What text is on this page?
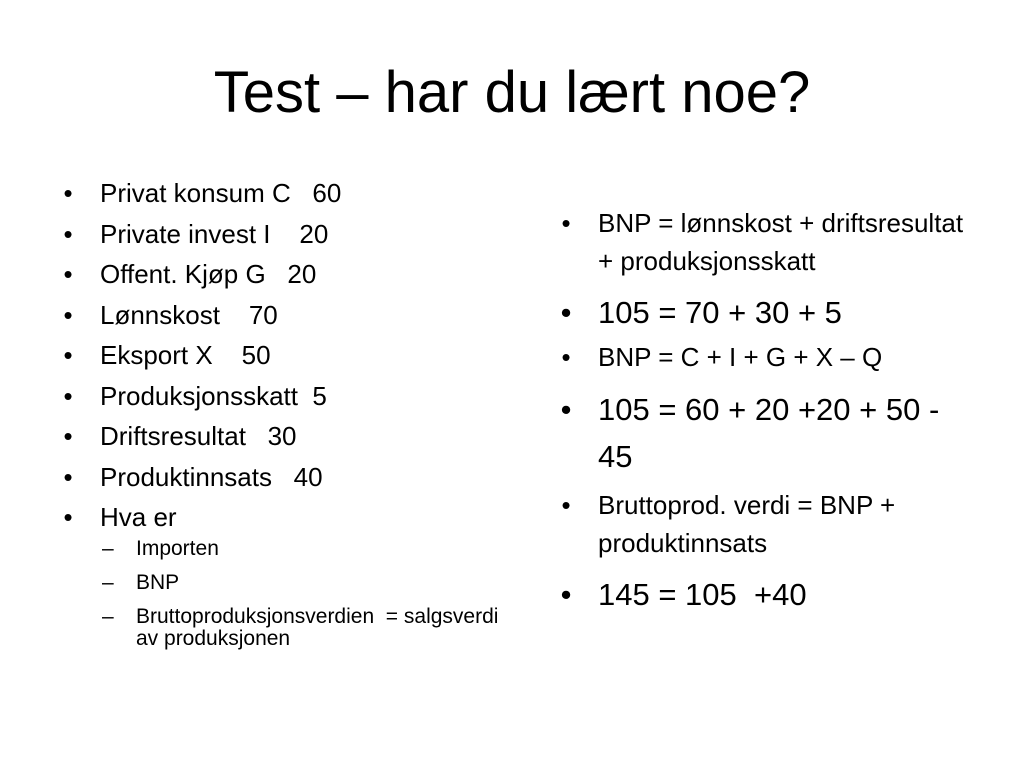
Test – har du lært noe?
• Privat konsum C   60
• Private invest I    20
• Offent. Kjøp G   20
• Lønnskost    70
• Eksport X    50
• Produksjonsskatt  5
• Driftsresultat   30
• Produktinnsats   40
• Hva er
– Importen
– BNP
– Bruttoproduksjonsverdien  = salgsverdi av produksjonen
• BNP = lønnskost + driftsresultat + produksjonsskatt
• 105 = 70 + 30 + 5
• BNP = C + I + G + X – Q
• 105 = 60 + 20 +20 + 50 - 45
• Bruttoprod. verdi = BNP + produktinnsats
• 145 = 105  +40
